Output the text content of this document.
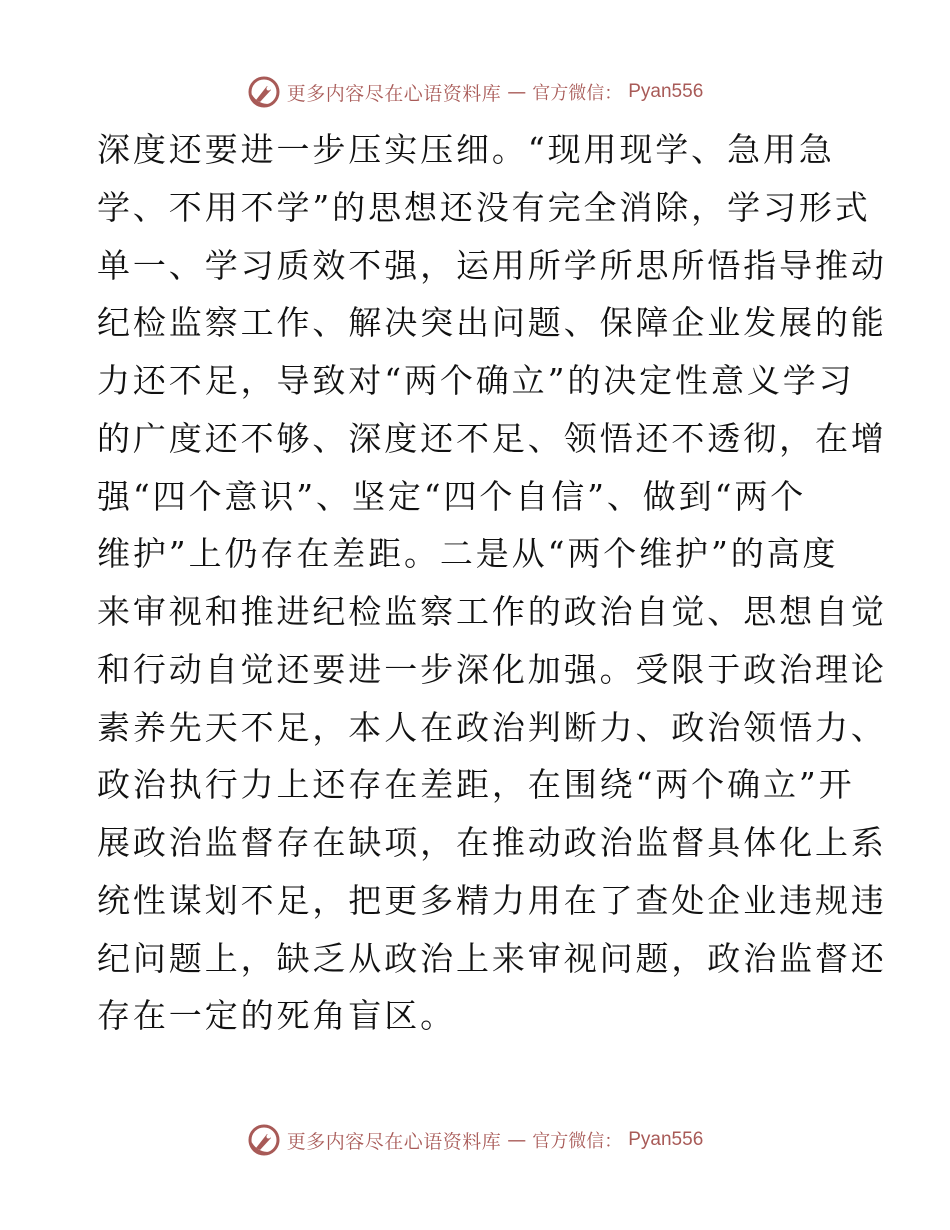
更多内容尽在心语资料库 — 官方微信： Pyan556
深度还要进一步压实压细。“现用现学、急用急
学、不用不学”的思想还没有完全消除，学习形式
单一、学习质效不强，运用所学所思所悟指导推动
纪检监察工作、解决突出问题、保障企业发展的能
力还不足，导致对“两个确立”的决定性意义学习
的广度还不够、深度还不足、领悟还不透彻，在增
强“四个意识”、坚定“四个自信”、做到“两个
维护”上仍存在差距。二是从“两个维护”的高度
来审视和推进纪检监察工作的政治自觉、思想自觉
和行动自觉还要进一步深化加强。受限于政治理论
素养先天不足，本人在政治判断力、政治领悟力、
政治执行力上还存在差距，在围绕“两个确立”开
展政治监督存在缺项，在推动政治监督具体化上系
统性谋划不足，把更多精力用在了查处企业违规违
纪问题上，缺乏从政治上来审视问题，政治监督还
存在一定的死角盲区。
更多内容尽在心语资料库 — 官方微信： Pyan556
